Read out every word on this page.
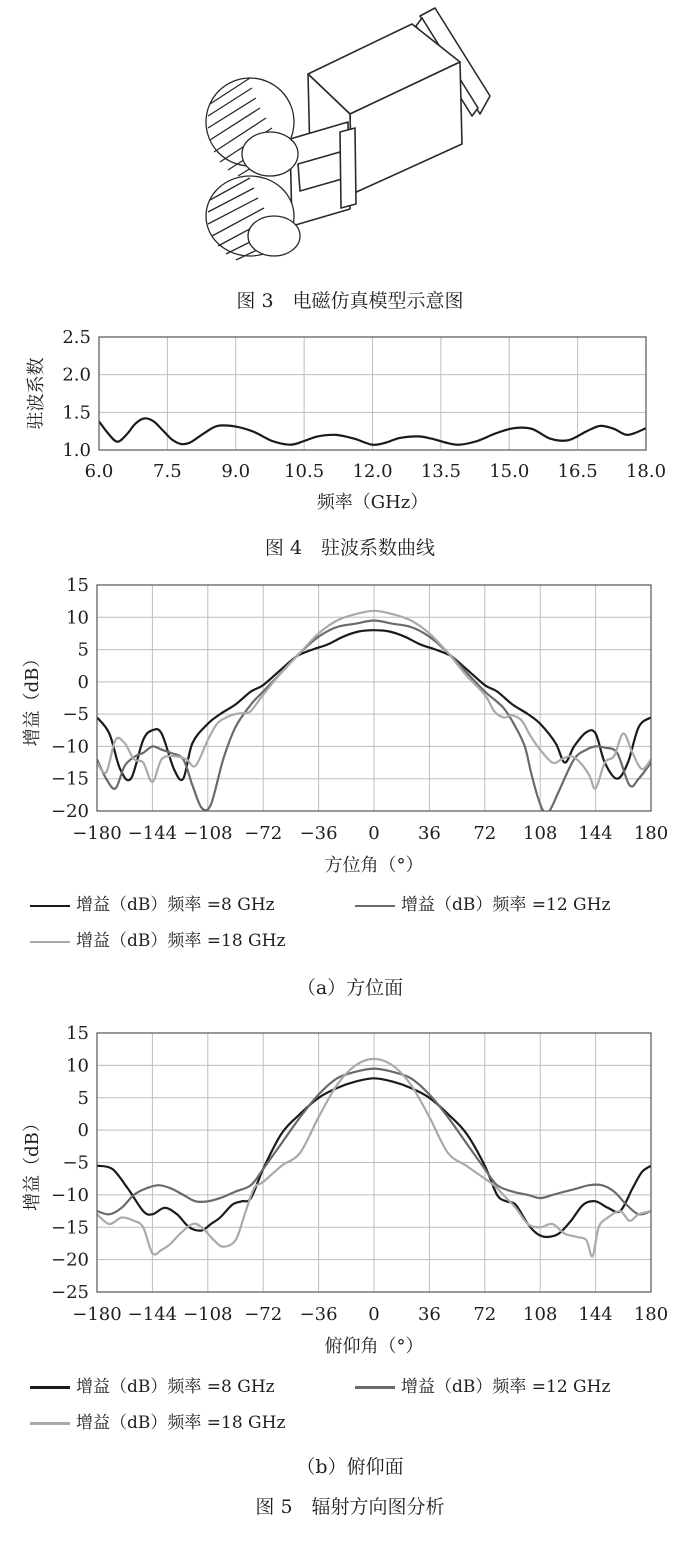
图 3　电磁仿真模型示意图
6.0 7.5 9.0 10.5 12.0 13.5 15.0 16.5 18.0
1.0
1.5
2.0
2.5
频率（GHz）
驻波系数
图 4　驻波系数曲线
−180 −144 −108 −72 −36 0 36 72 108 144 180
−20
−15
−10
−5
0
5
10
15
方位角（°）
增益（dB）
增益（dB）频率 =8 GHz	增益（dB）频率 =12 GHz
增益（dB）频率 =18 GHz
（a）方位面
−180 −144 −108 −72 −36 0 36 72 108 144 180
−25
−20
−15
−10
−5
0
5
10
15
俯仰角（°）
增益（dB）
增益（dB）频率 =8 GHz	增益（dB）频率 =12 GHz
增益（dB）频率 =18 GHz
（b）俯仰面
图 5　辐射方向图分析
